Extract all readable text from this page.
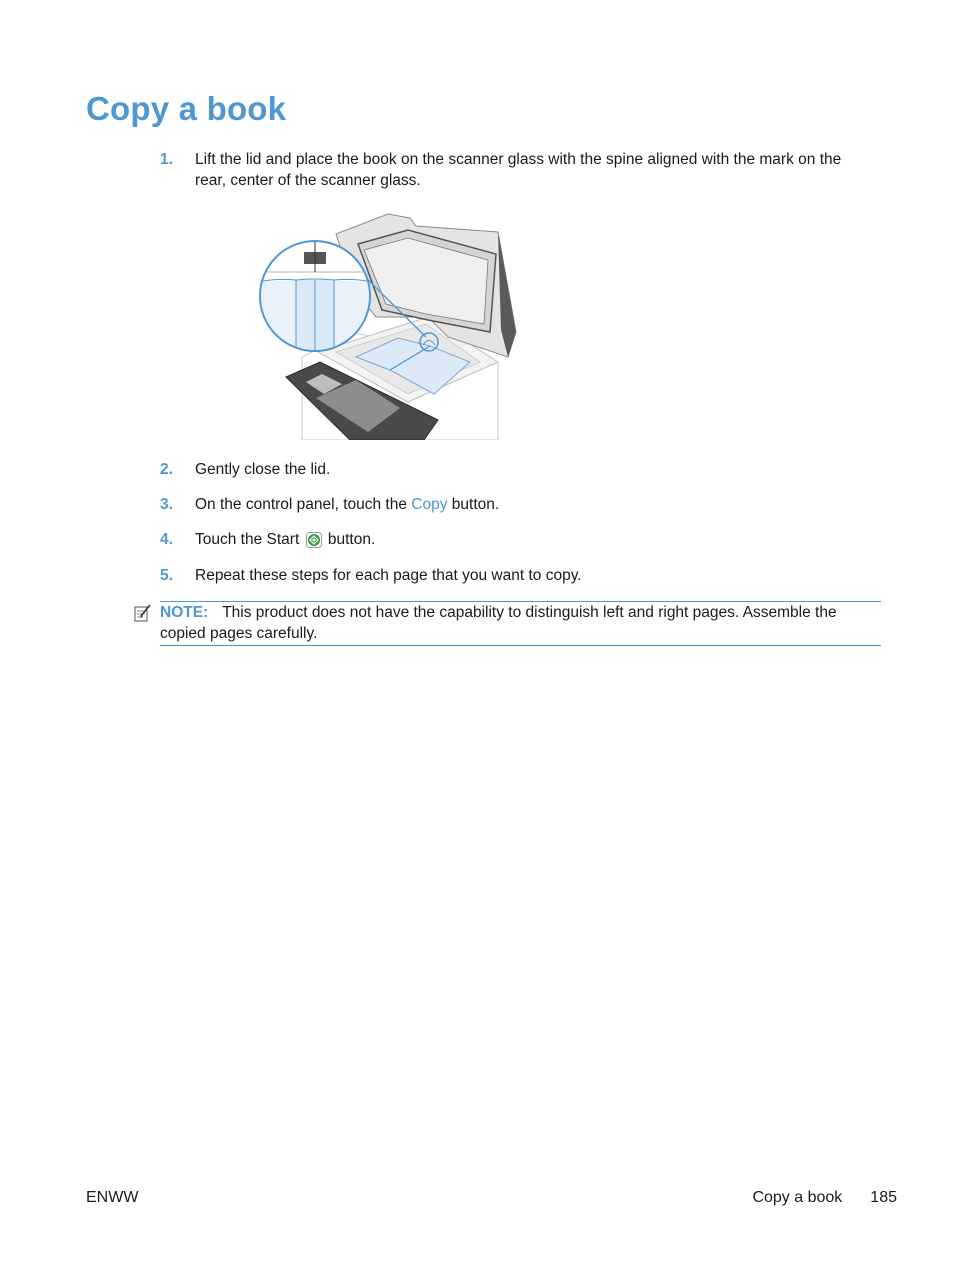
Copy a book
1.	Lift the lid and place the book on the scanner glass with the spine aligned with the mark on the rear, center of the scanner glass.
2.	Gently close the lid.
3.	On the control panel, touch the Copy button.
4.	Touch the Start  button.
5.	Repeat these steps for each page that you want to copy.
NOTE: This product does not have the capability to distinguish left and right pages. Assemble the copied pages carefully.
ENWW	Copy a book 185
